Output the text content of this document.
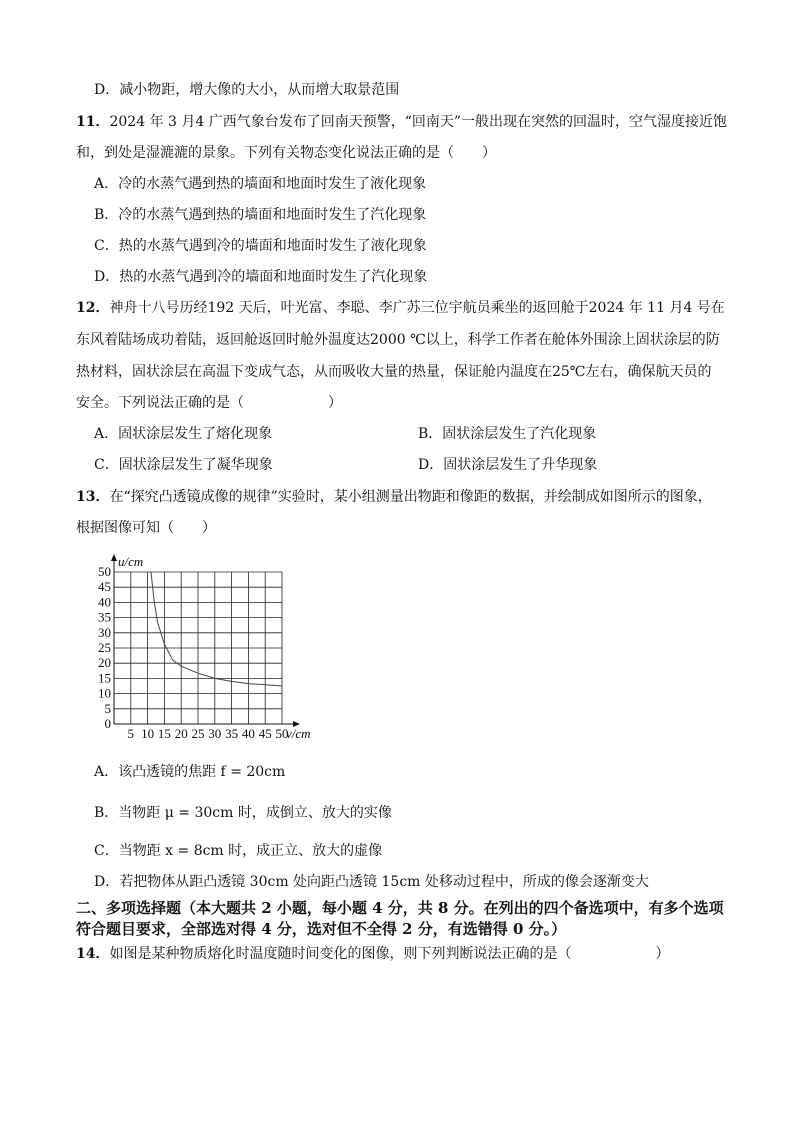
D．减小物距，增大像的大小，从而增大取景范围
11．2024 年 3 月4 广西气象台发布了回南天预警，“回南天”一般出现在突然的回温时，空气湿度接近饱
和，到处是湿漉漉的景象。下列有关物态变化说法正确的是（　　）
A．冷的水蒸气遇到热的墙面和地面时发生了液化现象
B．冷的水蒸气遇到热的墙面和地面时发生了汽化现象
C．热的水蒸气遇到冷的墙面和地面时发生了液化现象
D．热的水蒸气遇到冷的墙面和地面时发生了汽化现象
12．神舟十八号历经192 天后，叶光富、李聪、李广苏三位宇航员乘坐的返回舱于2024 年 11 月4 号在
东风着陆场成功着陆，返回舱返回时舱外温度达2000 ℃以上，科学工作者在舱体外围涂上固状涂层的防
热材料，固状涂层在高温下变成气态，从而吸收大量的热量，保证舱内温度在25℃左右，确保航天员的
安全。下列说法正确的是（　　　　　　）
A．固状涂层发生了熔化现象	B．固状涂层发生了汽化现象
C．固状涂层发生了凝华现象	D．固状涂层发生了升华现象
13．在“探究凸透镜成像的规律”实验时，某小组测量出物距和像距的数据，并绘制成如图所示的图象，
根据图像可知（　　）
5 10 15 20 25 30 35 40 45 50
0
5
10
15
20
25
30
35
40
45
50
v/cm
u/cm
A．该凸透镜的焦距 f = 20cm
B．当物距 μ = 30cm 时，成倒立、放大的实像
C．当物距 x = 8cm 时，成正立、放大的虚像
D．若把物体从距凸透镜 30cm 处向距凸透镜 15cm 处移动过程中，所成的像会逐渐变大
二、多项选择题（本大题共 2 小题，每小题 4 分，共 8 分。在列出的四个备选项中，有多个选项
符合题目要求，全部选对得 4 分，选对但不全得 2 分，有选错得 0 分。）
14．如图是某种物质熔化时温度随时间变化的图像，则下列判断说法正确的是（　　　　　　）
